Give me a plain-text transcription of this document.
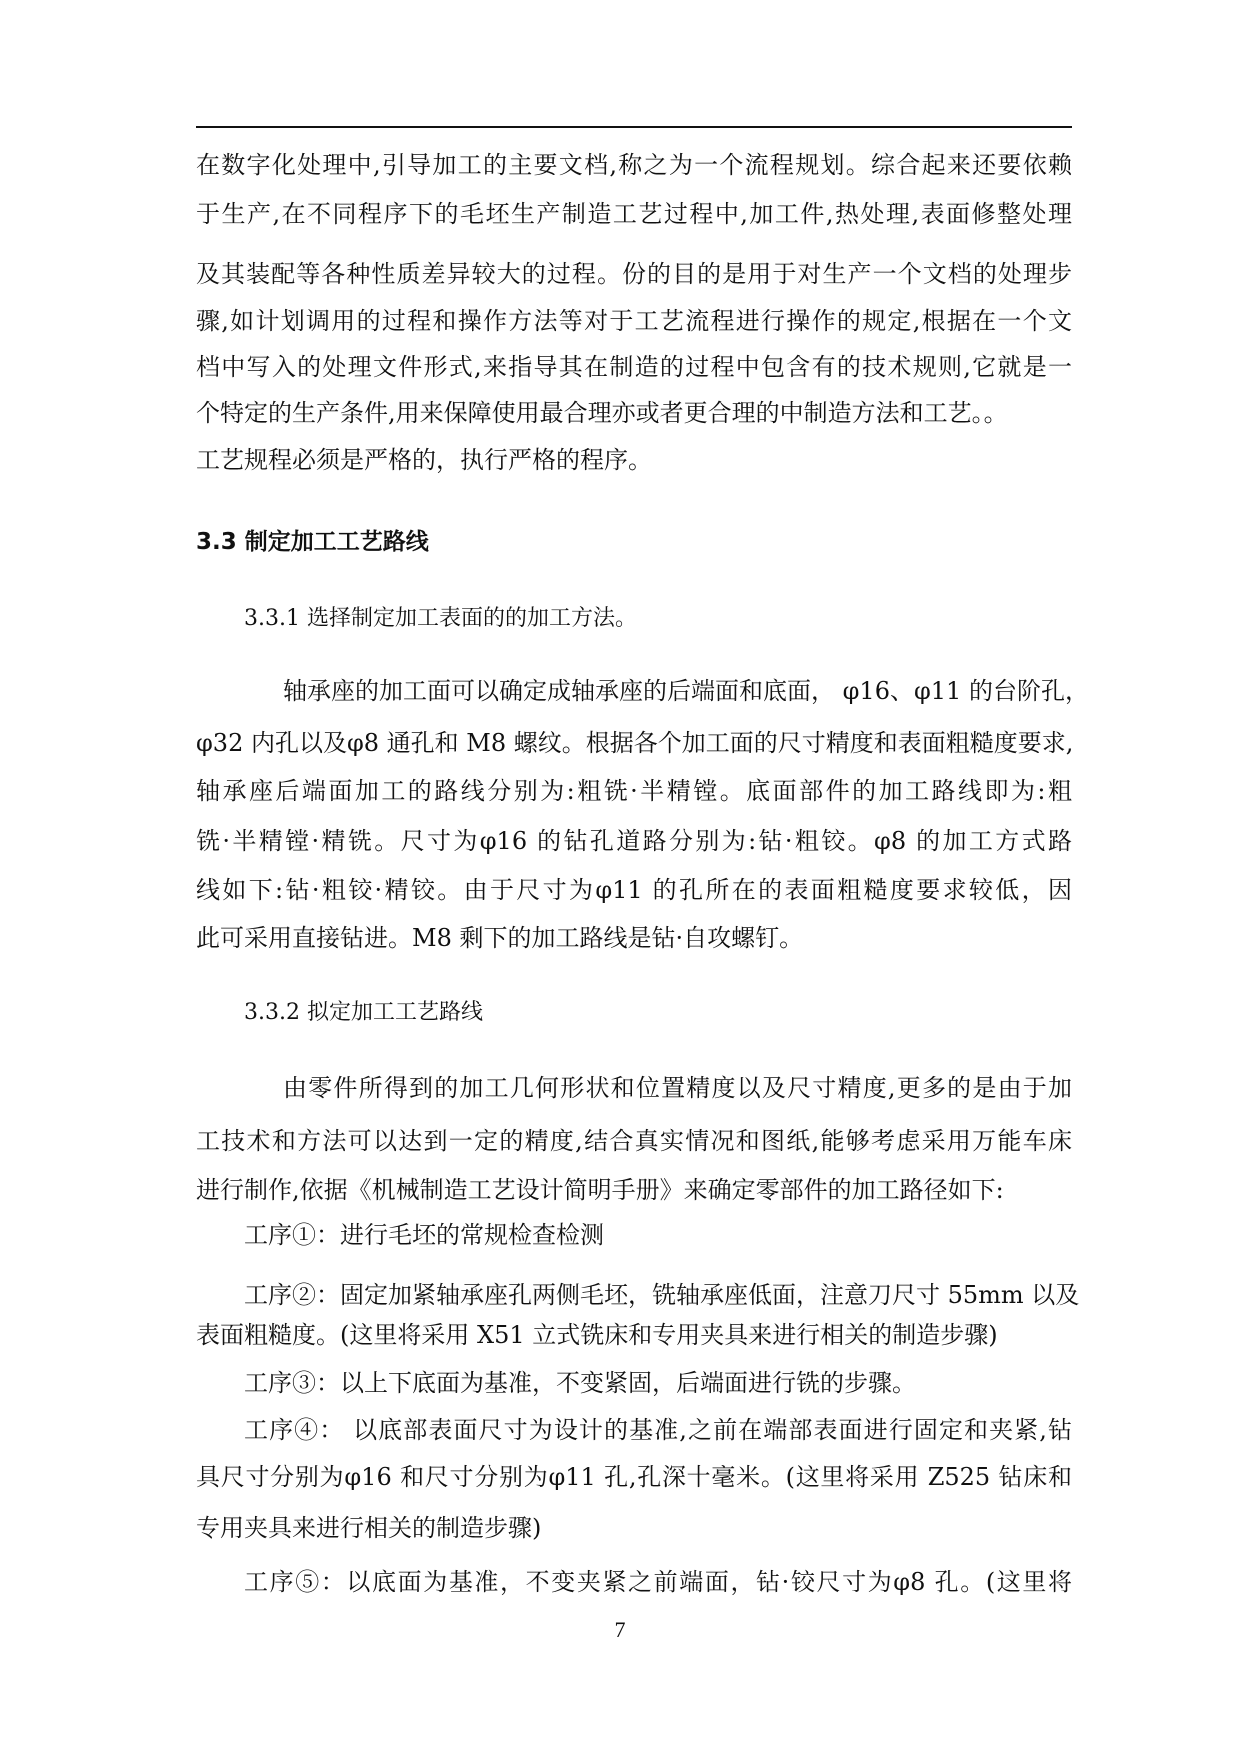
在数字化处理中,引导加工的主要文档,称之为一个流程规划。综合起来还要依赖
于生产,在不同程序下的毛坯生产制造工艺过程中,加工件,热处理,表面修整处理
及其装配等各种性质差异较大的过程。份的目的是用于对生产一个文档的处理步
骤,如计划调用的过程和操作方法等对于工艺流程进行操作的规定,根据在一个文
档中写入的处理文件形式,来指导其在制造的过程中包含有的技术规则,它就是一
个特定的生产条件,用来保障使用最合理亦或者更合理的中制造方法和工艺。。
工艺规程必须是严格的，执行严格的程序。
3.3 制定加工工艺路线
3.3.1 选择制定加工表面的的加工方法。
轴承座的加工面可以确定成轴承座的后端面和底面， φ16、φ11 的台阶孔，
φ32 内孔以及φ8 通孔和 M8 螺纹。根据各个加工面的尺寸精度和表面粗糙度要求,
轴承座后端面加工的路线分别为:粗铣·半精镗。底面部件的加工路线即为:粗
铣·半精镗·精铣。尺寸为φ16 的钻孔道路分别为:钻·粗铰。φ8 的加工方式路
线如下:钻·粗铰·精铰。由于尺寸为φ11 的孔所在的表面粗糙度要求较低，因
此可采用直接钻进。M8 剩下的加工路线是钻·自攻螺钉。
3.3.2 拟定加工工艺路线
由零件所得到的加工几何形状和位置精度以及尺寸精度,更多的是由于加
工技术和方法可以达到一定的精度,结合真实情况和图纸,能够考虑采用万能车床
进行制作,依据《机械制造工艺设计简明手册》来确定零部件的加工路径如下:
工序①：进行毛坯的常规检查检测
工序②：固定加紧轴承座孔两侧毛坯，铣轴承座低面，注意刀尺寸 55mm 以及
表面粗糙度。(这里将采用 X51 立式铣床和专用夹具来进行相关的制造步骤)
工序③：以上下底面为基准，不变紧固，后端面进行铣的步骤。
工序④： 以底部表面尺寸为设计的基准,之前在端部表面进行固定和夹紧,钻
具尺寸分别为φ16 和尺寸分别为φ11 孔,孔深十毫米。(这里将采用 Z525 钻床和
专用夹具来进行相关的制造步骤)
工序⑤：以底面为基准，不变夹紧之前端面，钻·铰尺寸为φ8 孔。(这里将
7
